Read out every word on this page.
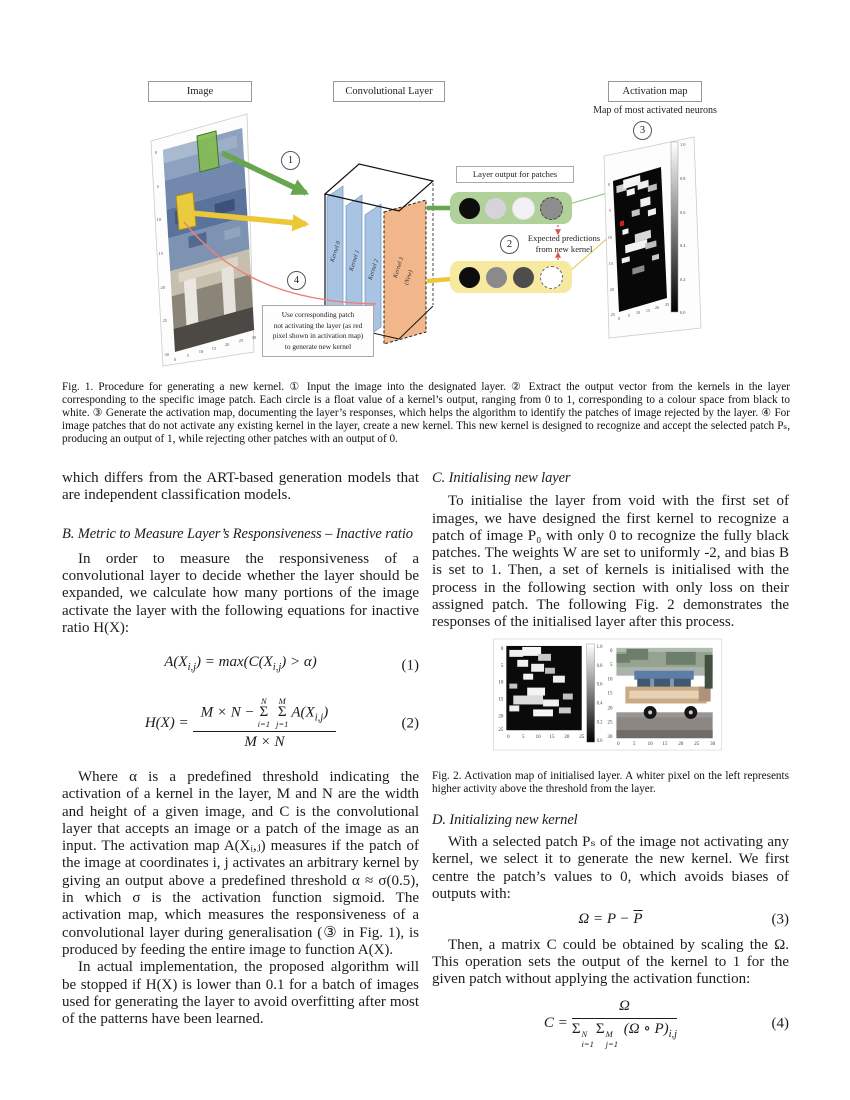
0
5
10
15
20
25
30
0
5
10
15
20
25
30
Kernel 0 Kernel 1 Kernel 2 Kernel 3
(New)
0
5
10
15
20
25
0
5
10 15
20
25
1.0
0.8
0.6
0.4
0.2
0.0
Image	Convolutional Layer	Activation map
Map of most activated neurons
1
2
3
4
Layer output for patches
Expected predictions
from new kernel
Use corresponding patch
not activating the layer (as red
pixel shown in activation map)
to generate new kernel

Fig. 1. Procedure for generating a new kernel. ① Input the image into the designated layer. ② Extract the output vector from the kernels in the layer corresponding to the specific image patch. Each circle is a float value of a kernel’s output, ranging from 0 to 1, corresponding to a colour space from black to white. ③ Generate the activation map, documenting the layer’s responses, which helps the algorithm to identify the patches of image rejected by the layer. ④ For image patches that do not activate any existing kernel in the layer, create a new kernel. This new kernel is designed to recognize and accept the selected patch Pₛ, producing an output of 1, while rejecting other patches with an output of 0.

which differs from the ART-based generation models that are independent classification models.

B. Metric to Measure Layer’s Responsiveness – Inactive ratio

In order to measure the responsiveness of a convolutional layer to decide whether the layer should be expanded, we calculate how many portions of the image activate the layer with the following equations for inactive ratio H(X):

$A(X_{i,j}) = \max(C(X_{i,j}) > \alpha)$	(1)
H(X) = M × N −
N
Σ
i=1
M
Σ
j=1
$A(X_{i,j})$
M × N	(2)

Where α is a predefined threshold indicating the activation of a kernel in the layer, M and N are the width and height of a given image, and C is the convolutional layer that accepts an image or a patch of the image as an input. The activation map A(Xᵢ,ⱼ) measures if the patch of the image at coordinates i, j activates an arbitrary kernel by giving an output above a predefined threshold α ≈ σ(0.5), in which σ is the activation function sigmoid. The activation map, which measures the responsiveness of a convolutional layer during generalisation (③ in Fig. 1), is produced by feeding the entire image to function A(X).

In actual implementation, the proposed algorithm will be stopped if H(X) is lower than 0.1 for a batch of images used for generating the layer to avoid overfitting after most of the patterns have been learned.

C. Initialising new layer

To initialise the layer from void with the first set of images, we have designed the first kernel to recognize a patch of image P₀ with only 0 to recognize the fully black patches. The weights W are set to uniformly -2, and bias B is set to 1. Then, a set of kernels is initialised with the process in the following section with only loss on their assigned patch. The following Fig. 2 demonstrates the responses of the initialised layer after this process.

0
5
10
15
20
25
0 5 10 15 20 25
1.0
0.8
0.6
0.4
0.2
0.0
0
5
10
15
20
25
30
0	5 10 15 20 25 30

Fig. 2. Activation map of initialised layer. A whiter pixel on the left represents higher activity above the threshold from the layer.

D. Initializing new kernel

With a selected patch Pₛ of the image not activating any kernel, we select it to generate the new kernel. We first centre the patch’s values to 0, which avoids biases of outputs with:

$\Omega = P - \overline{P}$	(3)

Then, a matrix C could be obtained by scaling the Ω. This operation sets the output of the kernel to 1 for the given patch without applying the activation function:

C = Ω
Σ N
i=1
Σ M
j=1
(Ω ∘ $P)_{i,j}$	(4)
